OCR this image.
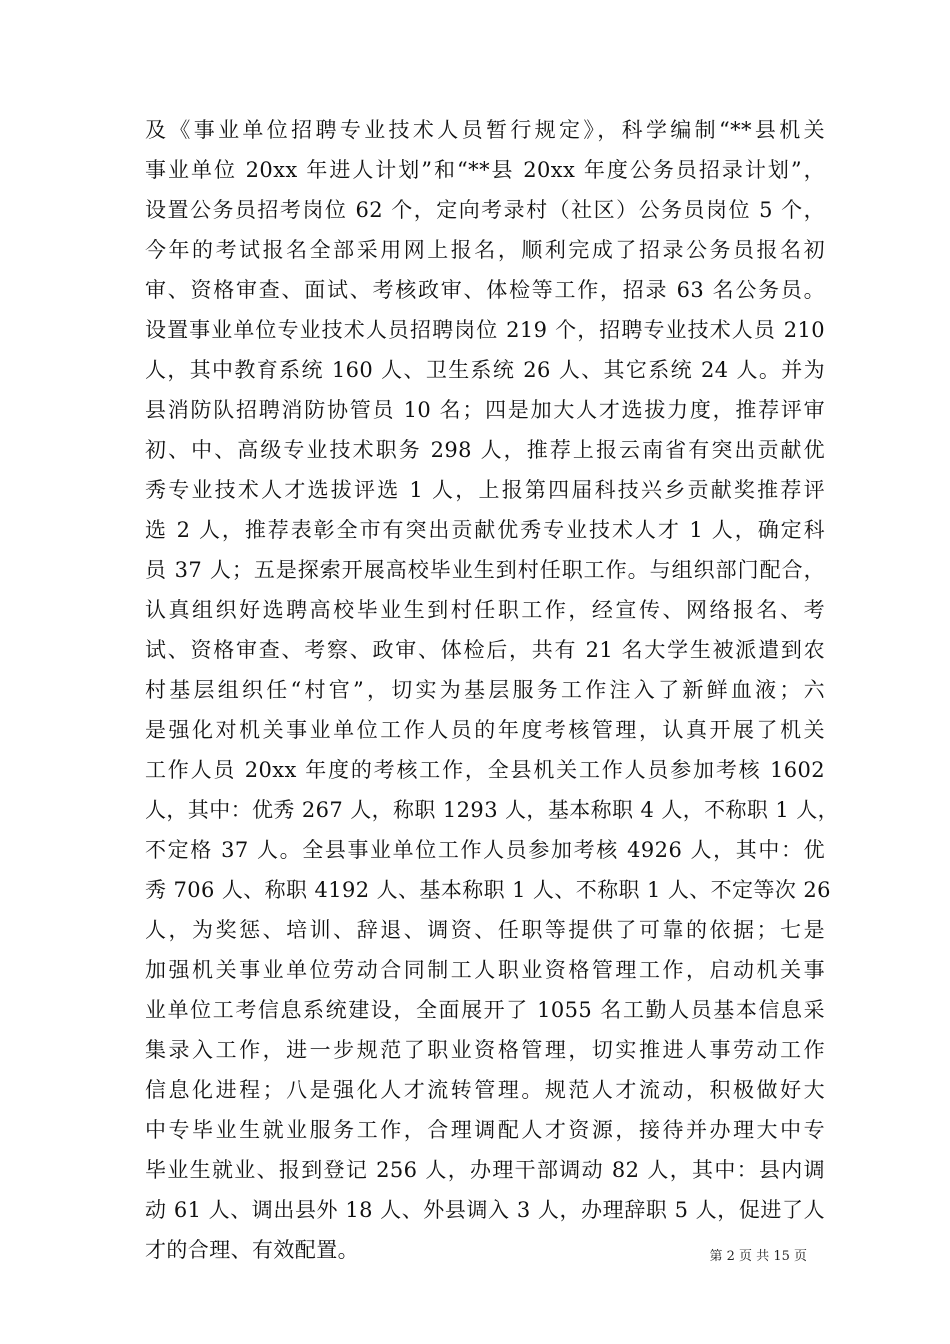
及《事业单位招聘专业技术人员暂行规定》，科学编制“**县机关
事业单位 20xx 年进人计划”和“**县 20xx 年度公务员招录计划”，
设置公务员招考岗位 62 个，定向考录村（社区）公务员岗位 5 个，
今年的考试报名全部采用网上报名，顺利完成了招录公务员报名初
审、资格审查、面试、考核政审、体检等工作，招录 63 名公务员。
设置事业单位专业技术人员招聘岗位 219 个，招聘专业技术人员 210
人，其中教育系统 160 人、卫生系统 26 人、其它系统 24 人。并为
县消防队招聘消防协管员 10 名；四是加大人才选拔力度，推荐评审
初、中、高级专业技术职务 298 人，推荐上报云南省有突出贡献优
秀专业技术人才选拔评选 1 人，上报第四届科技兴乡贡献奖推荐评
选 2 人，推荐表彰全市有突出贡献优秀专业技术人才 1 人，确定科
员 37 人；五是探索开展高校毕业生到村任职工作。与组织部门配合，
认真组织好选聘高校毕业生到村任职工作，经宣传、网络报名、考
试、资格审查、考察、政审、体检后，共有 21 名大学生被派遣到农
村基层组织任“村官”，切实为基层服务工作注入了新鲜血液；六
是强化对机关事业单位工作人员的年度考核管理，认真开展了机关
工作人员 20xx 年度的考核工作，全县机关工作人员参加考核 1602
人，其中：优秀 267 人，称职 1293 人，基本称职 4 人，不称职 1 人，
不定格 37 人。全县事业单位工作人员参加考核 4926 人，其中：优
秀 706 人、称职 4192 人、基本称职 1 人、不称职 1 人、不定等次 26
人，为奖惩、培训、辞退、调资、任职等提供了可靠的依据；七是
加强机关事业单位劳动合同制工人职业资格管理工作，启动机关事
业单位工考信息系统建设，全面展开了 1055 名工勤人员基本信息采
集录入工作，进一步规范了职业资格管理，切实推进人事劳动工作
信息化进程；八是强化人才流转管理。规范人才流动，积极做好大
中专毕业生就业服务工作，合理调配人才资源，接待并办理大中专
毕业生就业、报到登记 256 人，办理干部调动 82 人，其中：县内调
动 61 人、调出县外 18 人、外县调入 3 人，办理辞职 5 人，促进了人
才的合理、有效配置。	第 2 页 共 15 页
